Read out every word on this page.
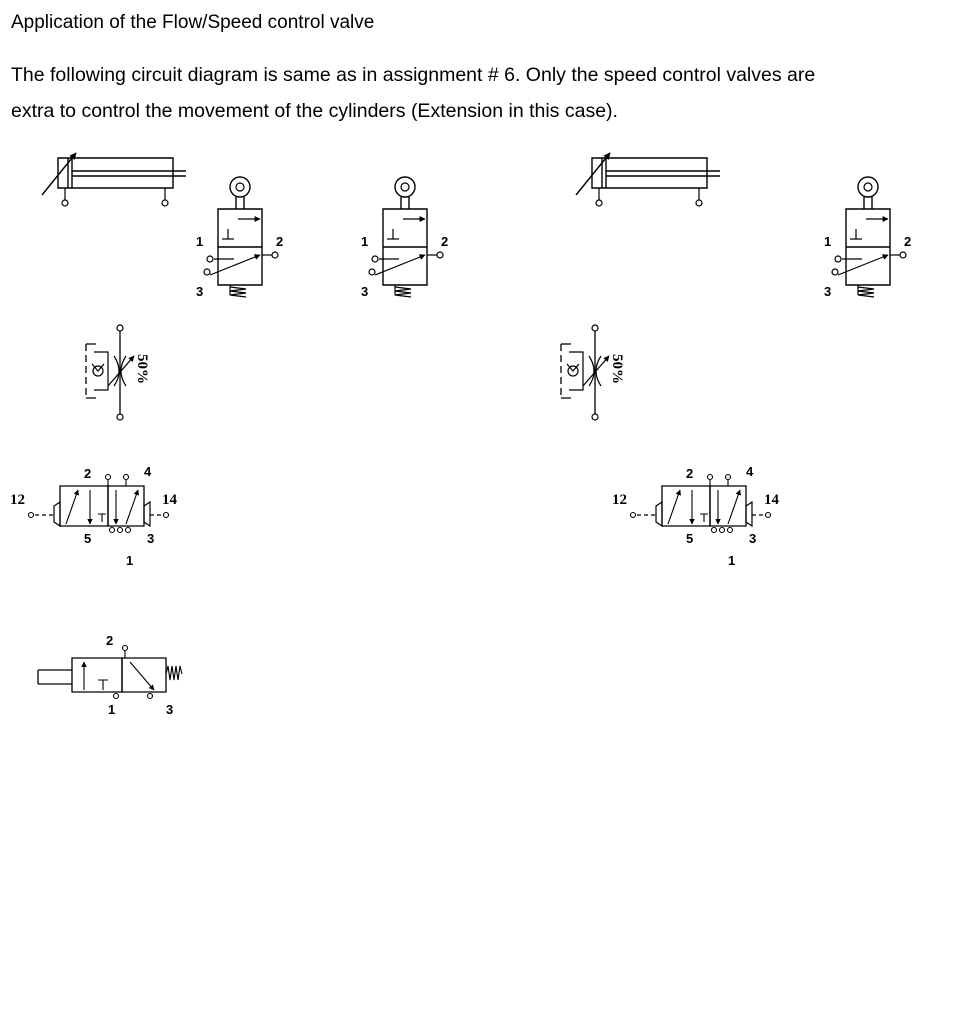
Application of the Flow/Speed control valve
The following circuit diagram is same as in assignment # 6. Only the speed control valves are
extra to control the movement of the cylinders (Extension in this case).
1	2
3
1	2
3
1	2
3
50%	50%
12	14
2	4
5	3
1
12	14
2	4
5	3
1
2
1	3
